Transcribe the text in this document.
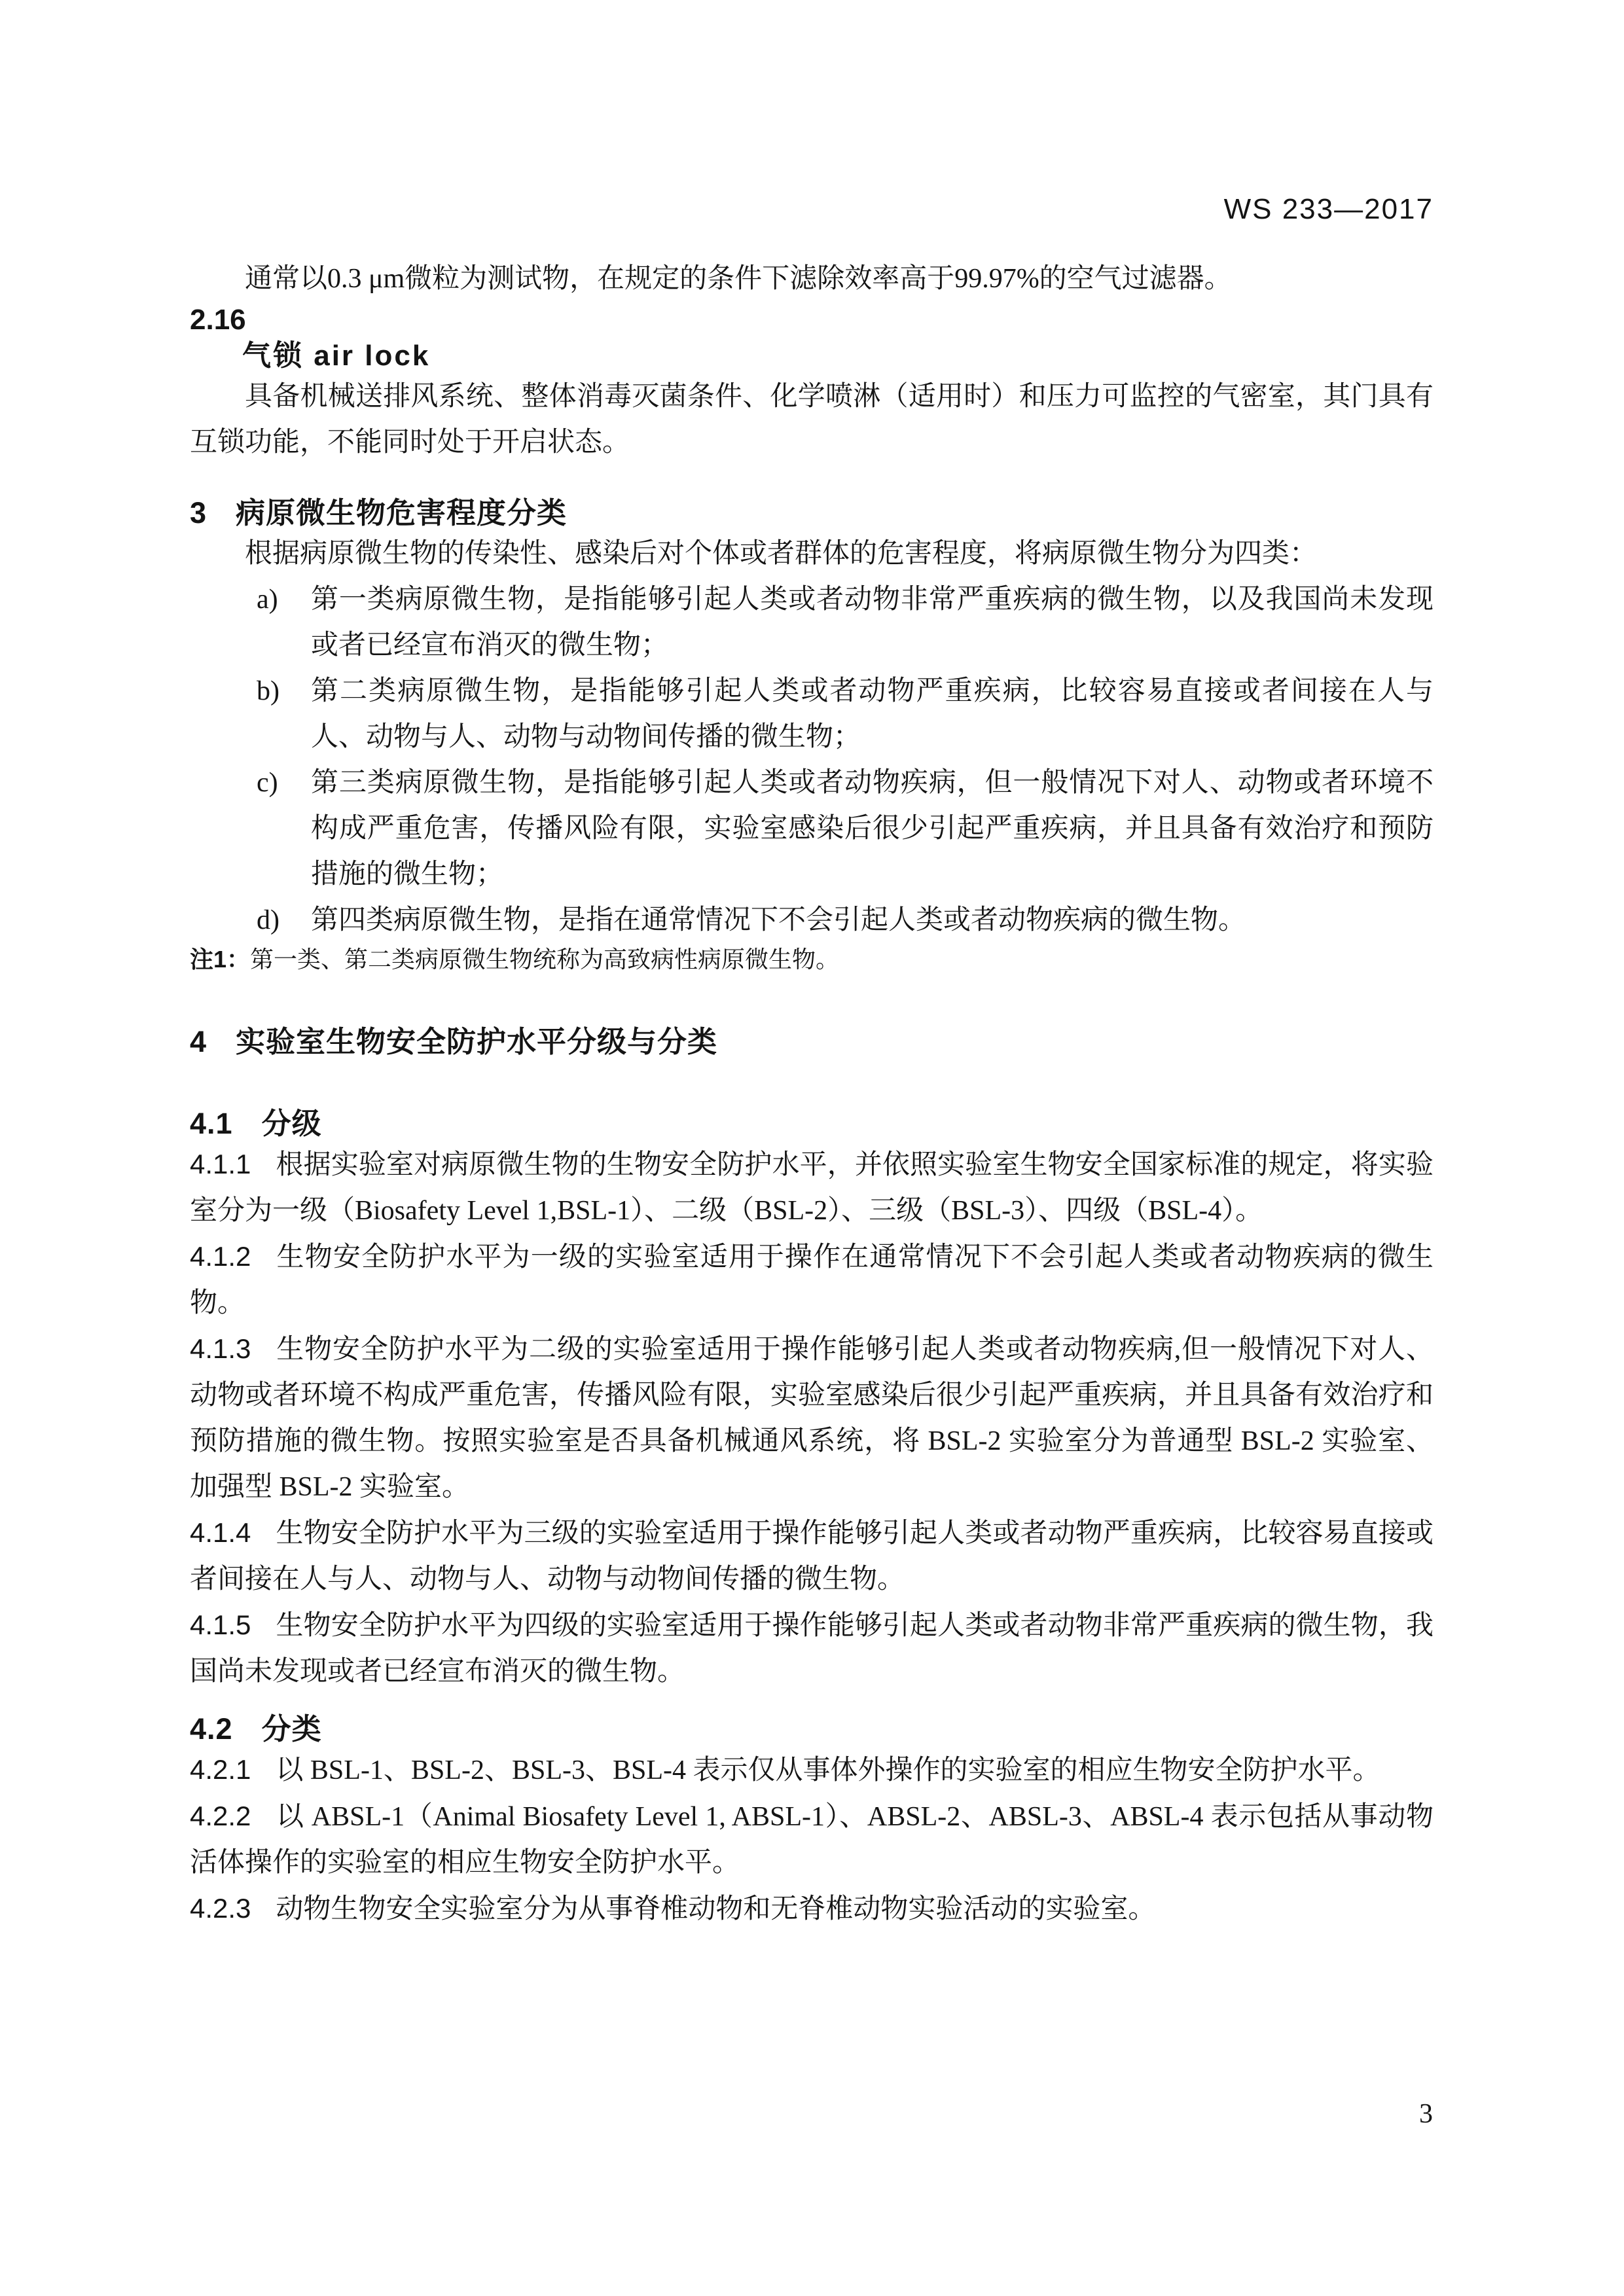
WS 233—2017

通常以0.3 μm微粒为测试物，在规定的条件下滤除效率高于99.97%的空气过滤器。

2.16

气锁 air lock

具备机械送排风系统、整体消毒灭菌条件、化学喷淋（适用时）和压力可监控的气密室，其门具有互锁功能，不能同时处于开启状态。

3 病原微生物危害程度分类

根据病原微生物的传染性、感染后对个体或者群体的危害程度，将病原微生物分为四类：

a) 第一类病原微生物，是指能够引起人类或者动物非常严重疾病的微生物，以及我国尚未发现或者已经宣布消灭的微生物；
b) 第二类病原微生物，是指能够引起人类或者动物严重疾病，比较容易直接或者间接在人与人、动物与人、动物与动物间传播的微生物；
c) 第三类病原微生物，是指能够引起人类或者动物疾病，但一般情况下对人、动物或者环境不构成严重危害，传播风险有限，实验室感染后很少引起严重疾病，并且具备有效治疗和预防措施的微生物；
d) 第四类病原微生物，是指在通常情况下不会引起人类或者动物疾病的微生物。

注1：第一类、第二类病原微生物统称为高致病性病原微生物。

4 实验室生物安全防护水平分级与分类
4.1 分级

4.1.1 根据实验室对病原微生物的生物安全防护水平，并依照实验室生物安全国家标准的规定，将实验室分为一级（Biosafety Level 1,BSL-1）、二级（BSL-2）、三级（BSL-3）、四级（BSL-4）。

4.1.2 生物安全防护水平为一级的实验室适用于操作在通常情况下不会引起人类或者动物疾病的微生物。

4.1.3 生物安全防护水平为二级的实验室适用于操作能够引起人类或者动物疾病,但一般情况下对人、动物或者环境不构成严重危害，传播风险有限，实验室感染后很少引起严重疾病，并且具备有效治疗和预防措施的微生物。按照实验室是否具备机械通风系统，将 BSL-2 实验室分为普通型 BSL-2 实验室、加强型 BSL-2 实验室。

4.1.4 生物安全防护水平为三级的实验室适用于操作能够引起人类或者动物严重疾病，比较容易直接或者间接在人与人、动物与人、动物与动物间传播的微生物。

4.1.5 生物安全防护水平为四级的实验室适用于操作能够引起人类或者动物非常严重疾病的微生物，我国尚未发现或者已经宣布消灭的微生物。

4.2 分类

4.2.1 以 BSL-1、BSL-2、BSL-3、BSL-4 表示仅从事体外操作的实验室的相应生物安全防护水平。

4.2.2 以 ABSL-1（Animal Biosafety Level 1, ABSL-1）、ABSL-2、ABSL-3、ABSL-4 表示包括从事动物活体操作的实验室的相应生物安全防护水平。

4.2.3 动物生物安全实验室分为从事脊椎动物和无脊椎动物实验活动的实验室。

3
